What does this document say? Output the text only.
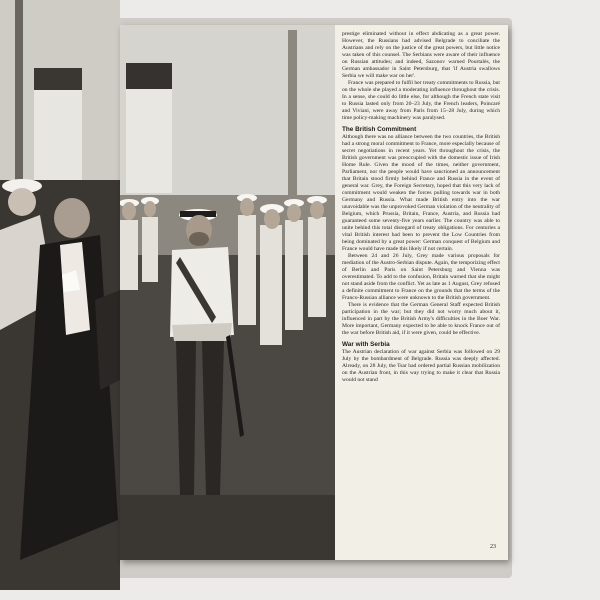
prestige eliminated without in effect abdicating as a great power. However, the Russians had advised Belgrade to conciliate the Austrians and rely on the justice of the great powers, but little notice was taken of this counsel. The Serbians were aware of their influence on Russian attitudes; and indeed, Sazonov warned Pourtalès, the German ambassador in Saint Petersburg, that 'if Austria swallows Serbia we will make war on her'.

France was prepared to fulfil her treaty commitments to Russia, but on the whole she played a moderating influence throughout the crisis. In a sense, she could do little else, for although the French state visit to Russia lasted only from 20–23 July, the French leaders, Poincaré and Viviani, were away from Paris from 15–28 July, during which time policy-making machinery was paralysed.

The British Commitment

Although there was no alliance between the two countries, the British had a strong moral commitment to France, more especially because of secret negotiations in recent years. Yet throughout the crisis, the British government was preoccupied with the domestic issue of Irish Home Rule. Given the mood of the times, neither government, Parliament, nor the people would have sanctioned an announcement that Britain stood firmly behind France and Russia in the event of general war. Grey, the Foreign Secretary, hoped that this very lack of commitment would weaken the forces pulling towards war in both Germany and Russia. What made British entry into the war unavoidable was the unprovoked German violation of the neutrality of Belgium, which Prussia, Britain, France, Austria, and Russia had guaranteed some seventy-five years earlier. The country was able to unite behind this total disregard of treaty obligations. For centuries a vital British interest had been to prevent the Low Countries from being dominated by a great power: German conquest of Belgium and France would have made this likely if not certain.

Between 24 and 26 July, Grey made various proposals for mediation of the Austro-Serbian dispute. Again, the temporizing effect of Berlin and Paris on Saint Petersburg and Vienna was overestimated. To add to the confusion, Britain warned that she might not stand aside from the conflict. Yet as late as 1 August, Grey refused a definite commitment to France on the grounds that the terms of the Franco-Russian alliance were unknown to the British government.

There is evidence that the German General Staff expected British participation in the war; but they did not worry much about it, influenced in part by the British Army's difficulties in the Boer War. More important, Germany expected to be able to knock France out of the war before British aid, if it were given, could be effective.

War with Serbia

The Austrian declaration of war against Serbia was followed on 29 July by the bombardment of Belgrade. Russia was deeply affected. Already, on 28 July, the Tsar had ordered partial Russian mobilization on the Austrian front, in this way trying to make it clear that Russia would not stand

23
